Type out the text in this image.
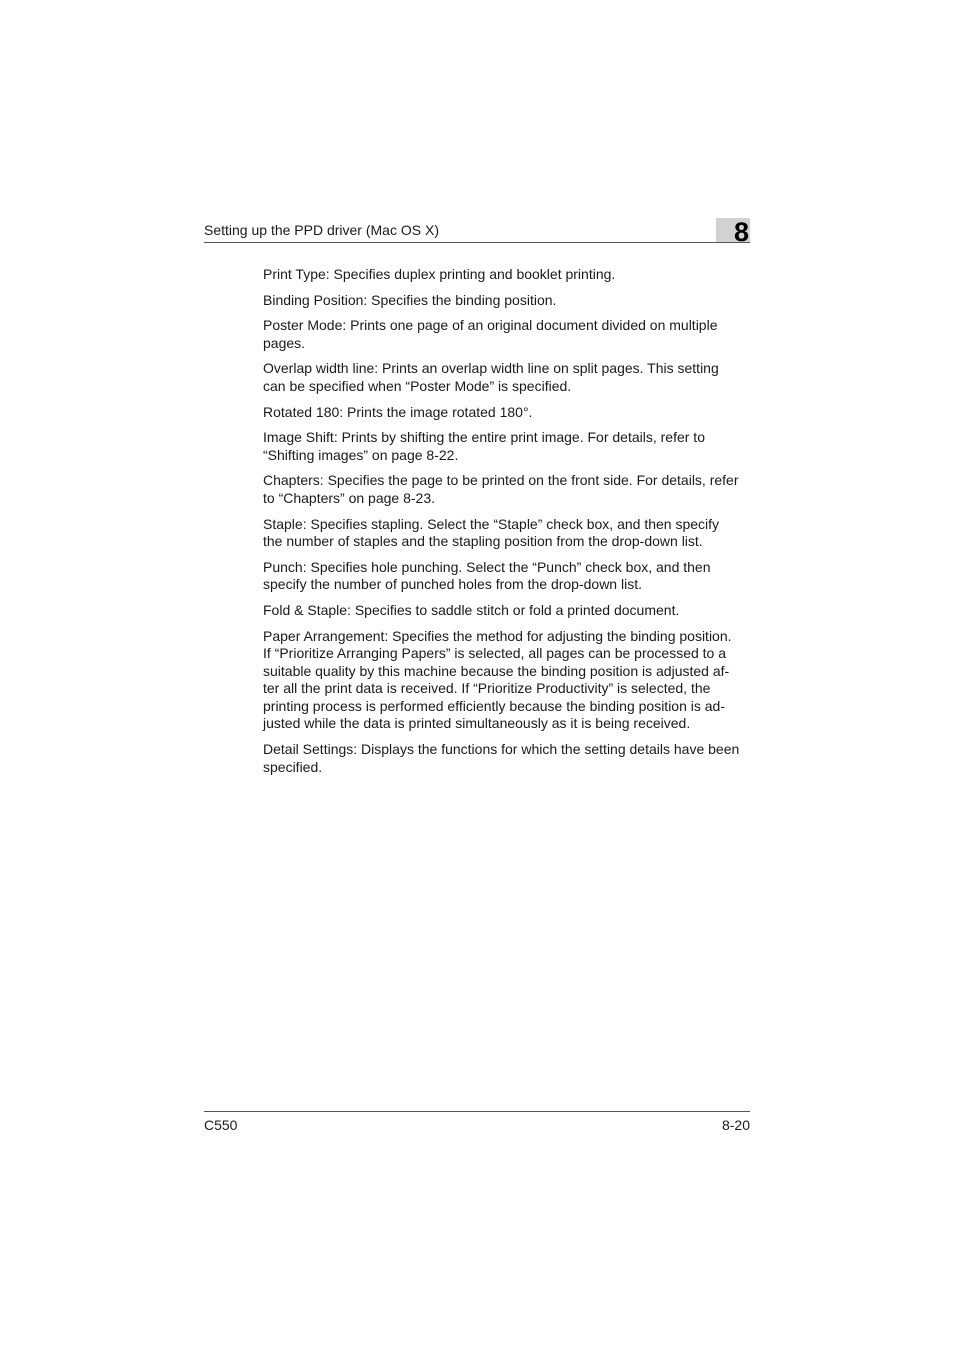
Setting up the PPD driver (Mac OS X)	8

Print Type: Specifies duplex printing and booklet printing.

Binding Position: Specifies the binding position.

Poster Mode: Prints one page of an original document divided on multiple
pages.

Overlap width line: Prints an overlap width line on split pages. This setting
can be specified when “Poster Mode” is specified.

Rotated 180: Prints the image rotated 180°.

Image Shift: Prints by shifting the entire print image. For details, refer to
“Shifting images” on page 8-22.

Chapters: Specifies the page to be printed on the front side. For details, refer
to “Chapters” on page 8-23.

Staple: Specifies stapling. Select the “Staple” check box, and then specify
the number of staples and the stapling position from the drop-down list.

Punch: Specifies hole punching. Select the “Punch” check box, and then
specify the number of punched holes from the drop-down list.

Fold & Staple: Specifies to saddle stitch or fold a printed document.

Paper Arrangement: Specifies the method for adjusting the binding position.
If “Prioritize Arranging Papers” is selected, all pages can be processed to a
suitable quality by this machine because the binding position is adjusted af-
ter all the print data is received. If “Prioritize Productivity” is selected, the
printing process is performed efficiently because the binding position is ad-
justed while the data is printed simultaneously as it is being received.

Detail Settings: Displays the functions for which the setting details have been
specified.

C550	8-20
